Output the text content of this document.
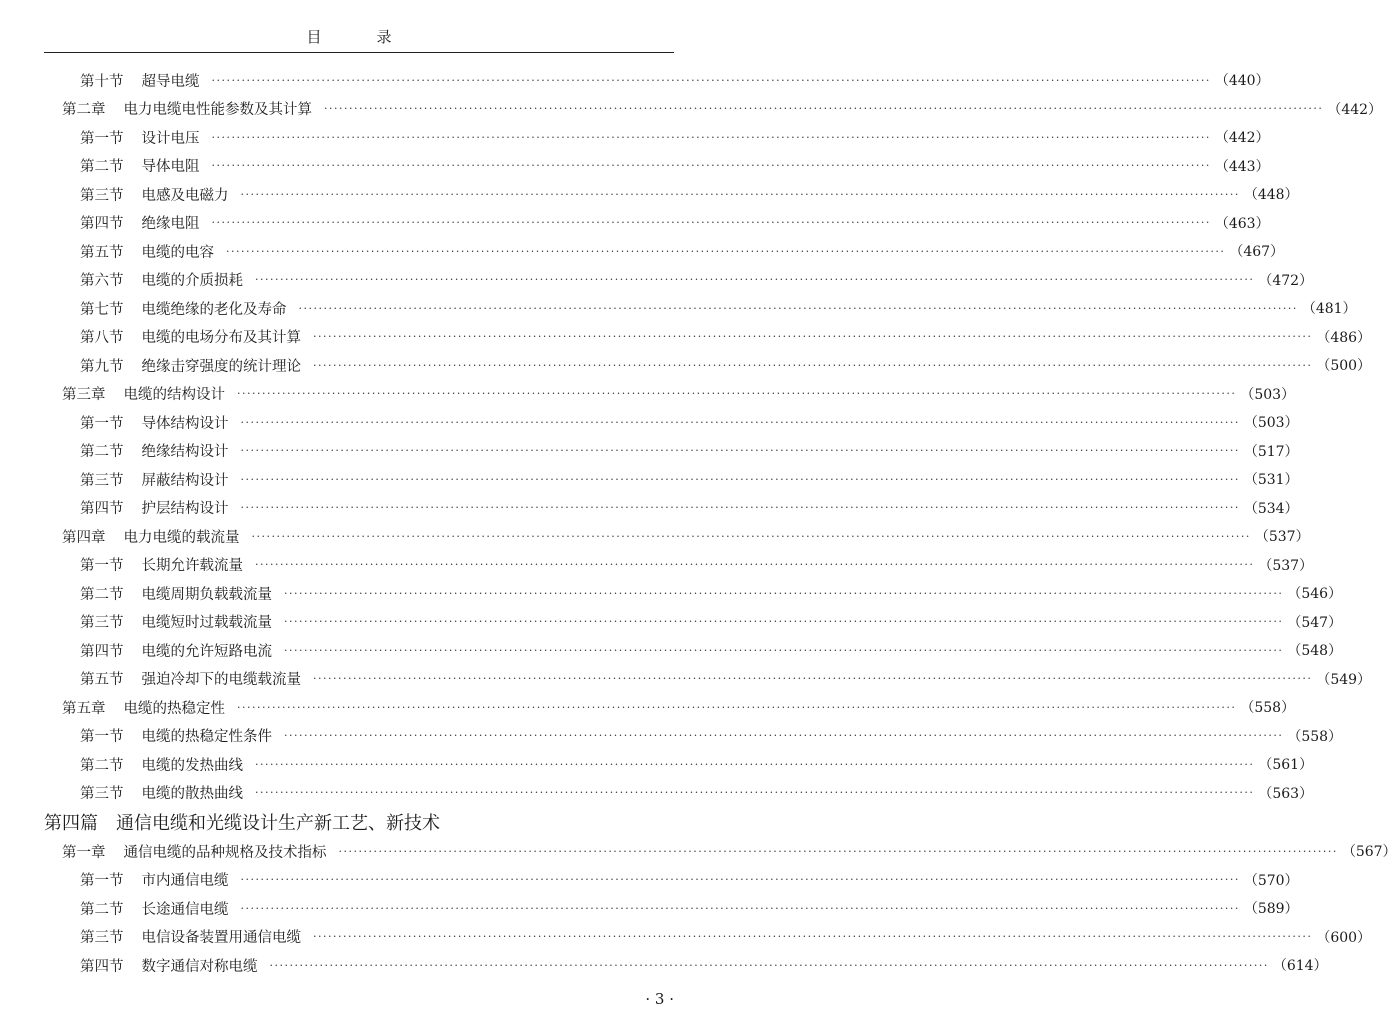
目　录
第十节 超导电缆 ········································································································································································································ （440）
第二章 电力电缆电性能参数及其计算 ········································································································································································································ （442）
第一节 设计电压 ········································································································································································································ （442）
第二节 导体电阻 ········································································································································································································ （443）
第三节 电感及电磁力 ········································································································································································································ （448）
第四节 绝缘电阻 ········································································································································································································ （463）
第五节 电缆的电容 ········································································································································································································ （467）
第六节 电缆的介质损耗 ········································································································································································································ （472）
第七节 电缆绝缘的老化及寿命 ········································································································································································································ （481）
第八节 电缆的电场分布及其计算 ········································································································································································································ （486）
第九节 绝缘击穿强度的统计理论 ········································································································································································································ （500）
第三章 电缆的结构设计 ········································································································································································································ （503）
第一节 导体结构设计 ········································································································································································································ （503）
第二节 绝缘结构设计 ········································································································································································································ （517）
第三节 屏蔽结构设计 ········································································································································································································ （531）
第四节 护层结构设计 ········································································································································································································ （534）
第四章 电力电缆的载流量 ········································································································································································································ （537）
第一节 长期允许载流量 ········································································································································································································ （537）
第二节 电缆周期负载载流量 ········································································································································································································ （546）
第三节 电缆短时过载载流量 ········································································································································································································ （547）
第四节 电缆的允许短路电流 ········································································································································································································ （548）
第五节 强迫冷却下的电缆载流量 ········································································································································································································ （549）
第五章 电缆的热稳定性 ········································································································································································································ （558）
第一节 电缆的热稳定性条件 ········································································································································································································ （558）
第二节 电缆的发热曲线 ········································································································································································································ （561）
第三节 电缆的散热曲线 ········································································································································································································ （563）
第四篇 通信电缆和光缆设计生产新工艺、新技术
第一章 通信电缆的品种规格及技术指标 ········································································································································································································ （567）
第一节 市内通信电缆 ········································································································································································································ （570）
第二节 长途通信电缆 ········································································································································································································ （589）
第三节 电信设备装置用通信电缆 ········································································································································································································ （600）
第四节 数字通信对称电缆 ········································································································································································································ （614）
· 3 ·
